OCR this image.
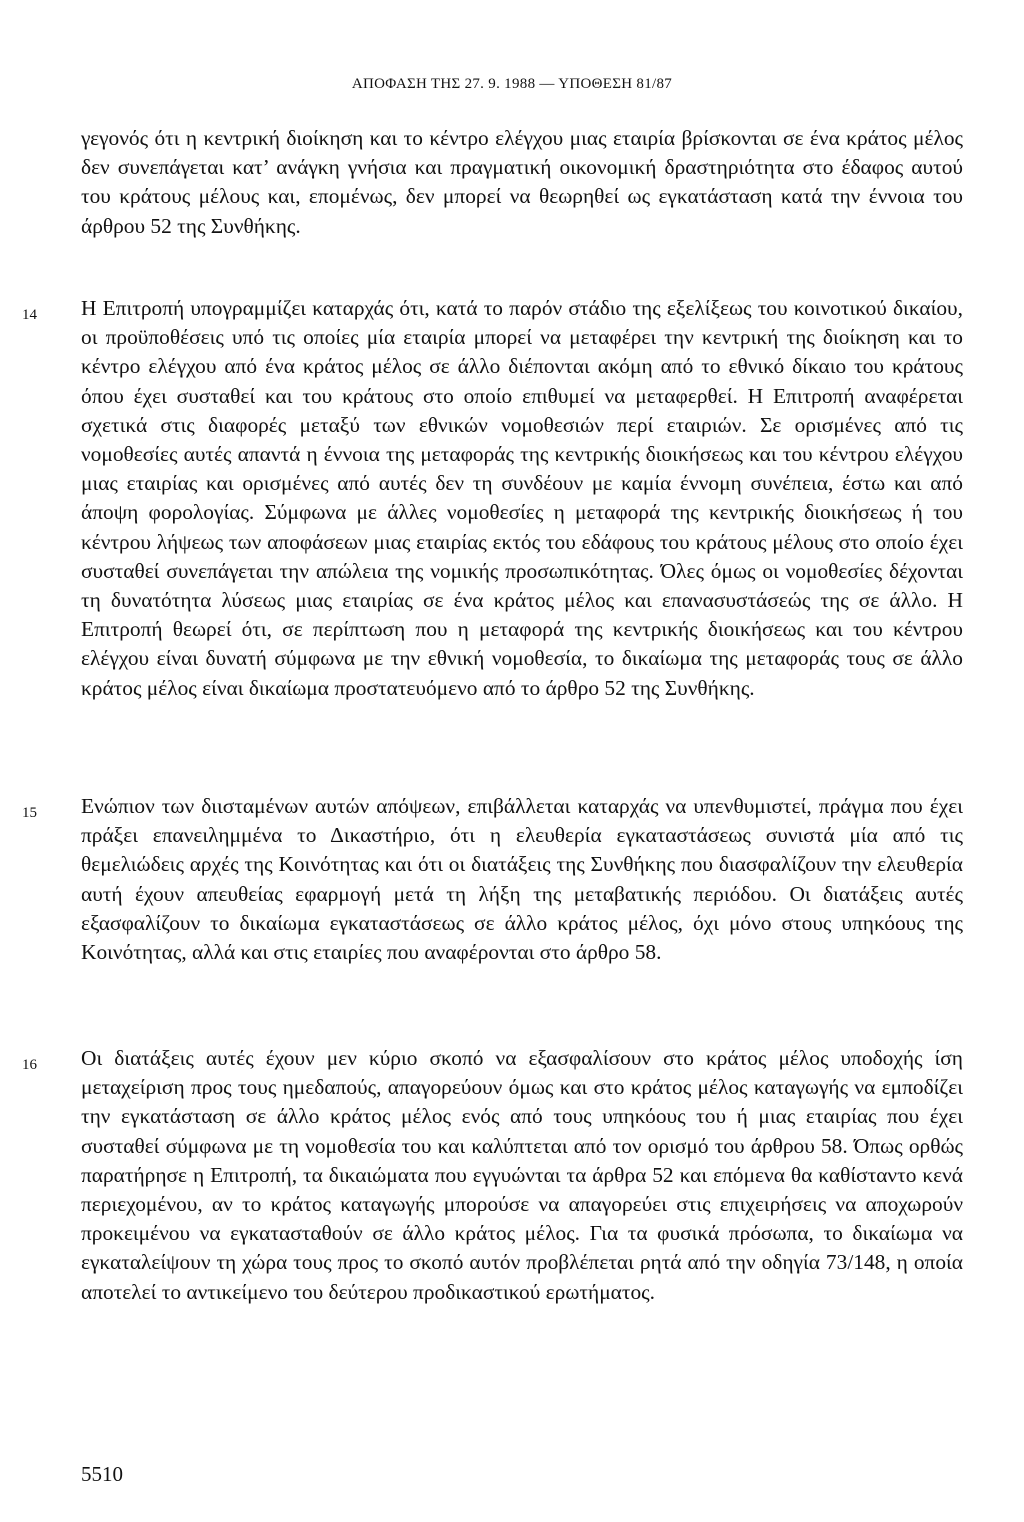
ΑΠΟΦΑΣΗ ΤΗΣ 27. 9. 1988 — ΥΠΟΘΕΣΗ 81/87

γεγονός ότι η κεντρική διοίκηση και το κέντρο ελέγχου μιας εταιρία βρίσκονται σε ένα κράτος μέλος δεν συνεπάγεται κατ’ ανάγκη γνήσια και πραγματική οικονομική δραστηριότητα στο έδαφος αυτού του κράτους μέλους και, επομένως, δεν μπορεί να θεωρηθεί ως εγκατάσταση κατά την έννοια του άρθρου 52 της Συνθήκης.

14 Η Επιτροπή υπογραμμίζει καταρχάς ότι, κατά το παρόν στάδιο της εξελίξεως του κοινοτικού δικαίου, οι προϋποθέσεις υπό τις οποίες μία εταιρία μπορεί να μεταφέρει την κεντρική της διοίκηση και το κέντρο ελέγχου από ένα κράτος μέλος σε άλλο διέπονται ακόμη από το εθνικό δίκαιο του κράτους όπου έχει συσταθεί και του κράτους στο οποίο επιθυμεί να μεταφερθεί. Η Επιτροπή αναφέρεται σχετικά στις διαφορές μεταξύ των εθνικών νομοθεσιών περί εταιριών. Σε ορισμένες από τις νομοθεσίες αυτές απαντά η έννοια της μεταφοράς της κεντρικής διοικήσεως και του κέντρου ελέγχου μιας εταιρίας και ορισμένες από αυτές δεν τη συνδέουν με καμία έννομη συνέπεια, έστω και από άποψη φορολογίας. Σύμφωνα με άλλες νομοθεσίες η μεταφορά της κεντρικής διοικήσεως ή του κέντρου λήψεως των αποφάσεων μιας εταιρίας εκτός του εδάφους του κράτους μέλους στο οποίο έχει συσταθεί συνεπάγεται την απώλεια της νομικής προσωπικότητας. Όλες όμως οι νομοθεσίες δέχονται τη δυνατότητα λύσεως μιας εταιρίας σε ένα κράτος μέλος και επανασυστάσεώς της σε άλλο. Η Επιτροπή θεωρεί ότι, σε περίπτωση που η μεταφορά της κεντρικής διοικήσεως και του κέντρου ελέγχου είναι δυνατή σύμφωνα με την εθνική νομοθεσία, το δικαίωμα της μεταφοράς τους σε άλλο κράτος μέλος είναι δικαίωμα προστατευόμενο από το άρθρο 52 της Συνθήκης.

15 Ενώπιον των διισταμένων αυτών απόψεων, επιβάλλεται καταρχάς να υπενθυμιστεί, πράγμα που έχει πράξει επανειλημμένα το Δικαστήριο, ότι η ελευθερία εγκαταστάσεως συνιστά μία από τις θεμελιώδεις αρχές της Κοινότητας και ότι οι διατάξεις της Συνθήκης που διασφαλίζουν την ελευθερία αυτή έχουν απευθείας εφαρμογή μετά τη λήξη της μεταβατικής περιόδου. Οι διατάξεις αυτές εξασφαλίζουν το δικαίωμα εγκαταστάσεως σε άλλο κράτος μέλος, όχι μόνο στους υπηκόους της Κοινότητας, αλλά και στις εταιρίες που αναφέρονται στο άρθρο 58.

16 Οι διατάξεις αυτές έχουν μεν κύριο σκοπό να εξασφαλίσουν στο κράτος μέλος υποδοχής ίση μεταχείριση προς τους ημεδαπούς, απαγορεύουν όμως και στο κράτος μέλος καταγωγής να εμποδίζει την εγκατάσταση σε άλλο κράτος μέλος ενός από τους υπηκόους του ή μιας εταιρίας που έχει συσταθεί σύμφωνα με τη νομοθεσία του και καλύπτεται από τον ορισμό του άρθρου 58. Όπως ορθώς παρατήρησε η Επιτροπή, τα δικαιώματα που εγγυώνται τα άρθρα 52 και επόμενα θα καθίσταντο κενά περιεχομένου, αν το κράτος καταγωγής μπορούσε να απαγορεύει στις επιχειρήσεις να αποχωρούν προκειμένου να εγκατασταθούν σε άλλο κράτος μέλος. Για τα φυσικά πρόσωπα, το δικαίωμα να εγκαταλείψουν τη χώρα τους προς το σκοπό αυτόν προβλέπεται ρητά από την οδηγία 73/148, η οποία αποτελεί το αντικείμενο του δεύτερου προδικαστικού ερωτήματος.

5510
